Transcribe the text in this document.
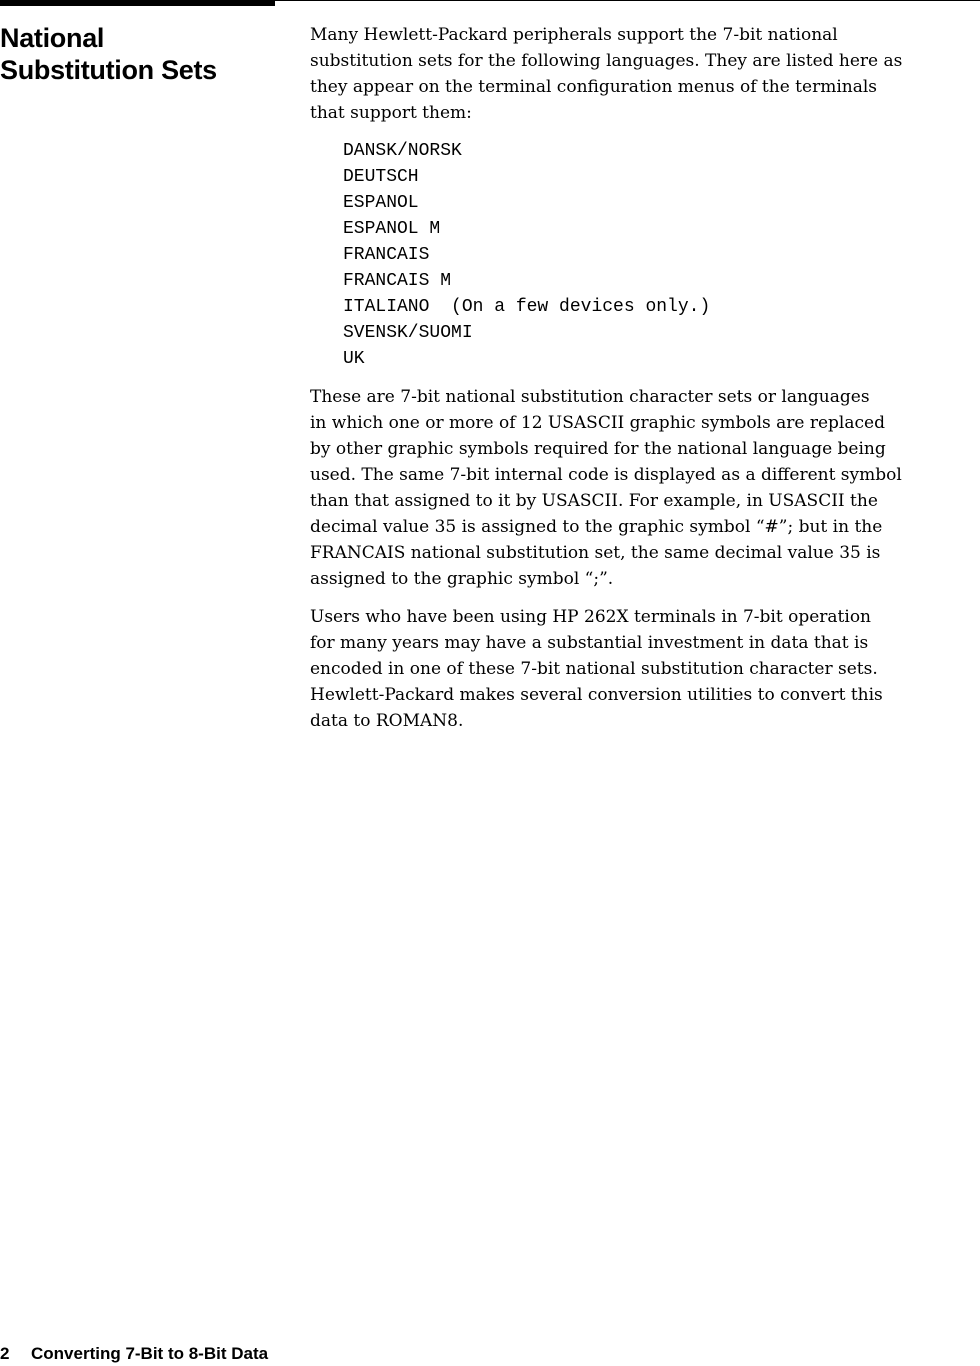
National
Substitution Sets

Many Hewlett-Packard peripherals support the 7-bit national
substitution sets for the following languages. They are listed here as
they appear on the terminal configuration menus of the terminals
that support them:

DANSK/NORSK
DEUTSCH
ESPANOL
ESPANOL M
FRANCAIS
FRANCAIS M
ITALIANO  (On a few devices only.)
SVENSK/SUOMI
UK

These are 7-bit national substitution character sets or languages
in which one or more of 12 USASCII graphic symbols are replaced
by other graphic symbols required for the national language being
used. The same 7-bit internal code is displayed as a different symbol
than that assigned to it by USASCII. For example, in USASCII the
decimal value 35 is assigned to the graphic symbol “#”; but in the
FRANCAIS national substitution set, the same decimal value 35 is
assigned to the graphic symbol “;”.

Users who have been using HP 262X terminals in 7-bit operation
for many years may have a substantial investment in data that is
encoded in one of these 7-bit national substitution character sets.
Hewlett-Packard makes several conversion utilities to convert this
data to ROMAN8.

2 Converting 7-Bit to 8-Bit Data
